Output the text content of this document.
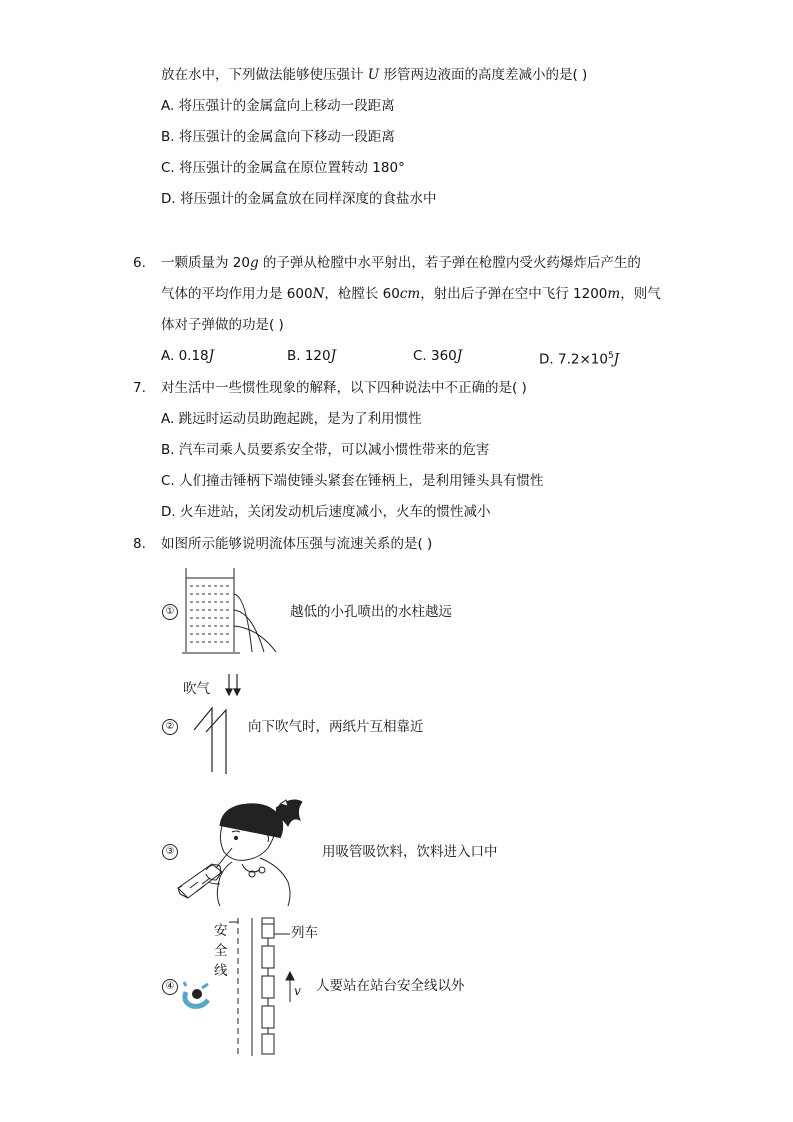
放在水中，下列做法能够使压强计 U 形管两边液面的高度差减小的是( )
A. 将压强计的金属盒向上移动一段距离
B. 将压强计的金属盒向下移动一段距离
C. 将压强计的金属盒在原位置转动 180°
D. 将压强计的金属盒放在同样深度的食盐水中
6. 一颗质量为 20g 的子弹从枪膛中水平射出，若子弹在枪膛内受火药爆炸后产生的
气体的平均作用力是 600N，枪膛长 60cm，射出后子弹在空中飞行 1200m，则气
体对子弹做的功是( )
A. 0.18J	B. 120J	C. 360J	D. $7.2\times 10^5J$
7. 对生活中一些惯性现象的解释，以下四种说法中不正确的是( )
A. 跳远时运动员助跑起跳，是为了利用惯性
B. 汽车司乘人员要系安全带，可以减小惯性带来的危害
C. 人们撞击锤柄下端使锤头紧套在锤柄上，是利用锤头具有惯性
D. 火车进站，关闭发动机后速度减小，火车的惯性减小
8. 如图所示能够说明流体压强与流速关系的是( )
①	越低的小孔喷出的水柱越远
吹气
②	向下吹气时，两纸片互相靠近
③	用吸管吸饮料，饮料进入口中
安
全
线
列车
④	v 人要站在站台安全线以外
